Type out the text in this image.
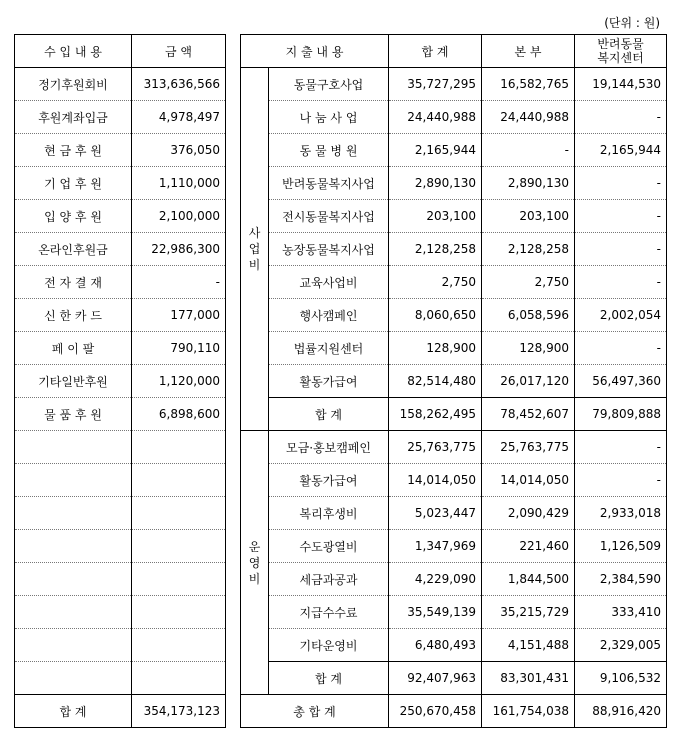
(단위 : 원)
수 입 내 용	금 액
정기후원회비	313,636,566
후원계좌입금	4,978,497
현 금 후 원	376,050
기 업 후 원	1,110,000
입 양 후 원	2,100,000
온라인후원금	22,986,300
전 자 결 재	-
신 한 카 드	177,000
페 이 팔	790,110
기타일반후원	1,120,000
물 품 후 원	6,898,600

합 계	354,173,123
지 출 내 용		합 계	본 부	반려동물
복지센터

사
업
비	동물구호사업	35,727,295	16,582,765	19,144,530
	나 눔 사 업	24,440,988	24,440,988	-
	동 물 병 원	2,165,944	-	2,165,944
	반려동물복지사업	2,890,130	2,890,130	-
	전시동물복지사업	203,100	203,100	-
	농장동물복지사업	2,128,258	2,128,258	-
	교육사업비	2,750	2,750	-
	행사캠페인	8,060,650	6,058,596	2,002,054
	법률지원센터	128,900	128,900	-
	활동가급여	82,514,480	26,017,120	56,497,360
	합 계	158,262,495	78,452,607	79,809,888

운
영
비	모금·홍보캠페인	25,763,775	25,763,775	-
	활동가급여	14,014,050	14,014,050	-
	복리후생비	5,023,447	2,090,429	2,933,018
	수도광열비	1,347,969	221,460	1,126,509
	세금과공과	4,229,090	1,844,500	2,384,590
	지급수수료	35,549,139	35,215,729	333,410
	기타운영비	6,480,493	4,151,488	2,329,005
	합 계	92,407,963	83,301,431	9,106,532
총 합 계		250,670,458	161,754,038	88,916,420
